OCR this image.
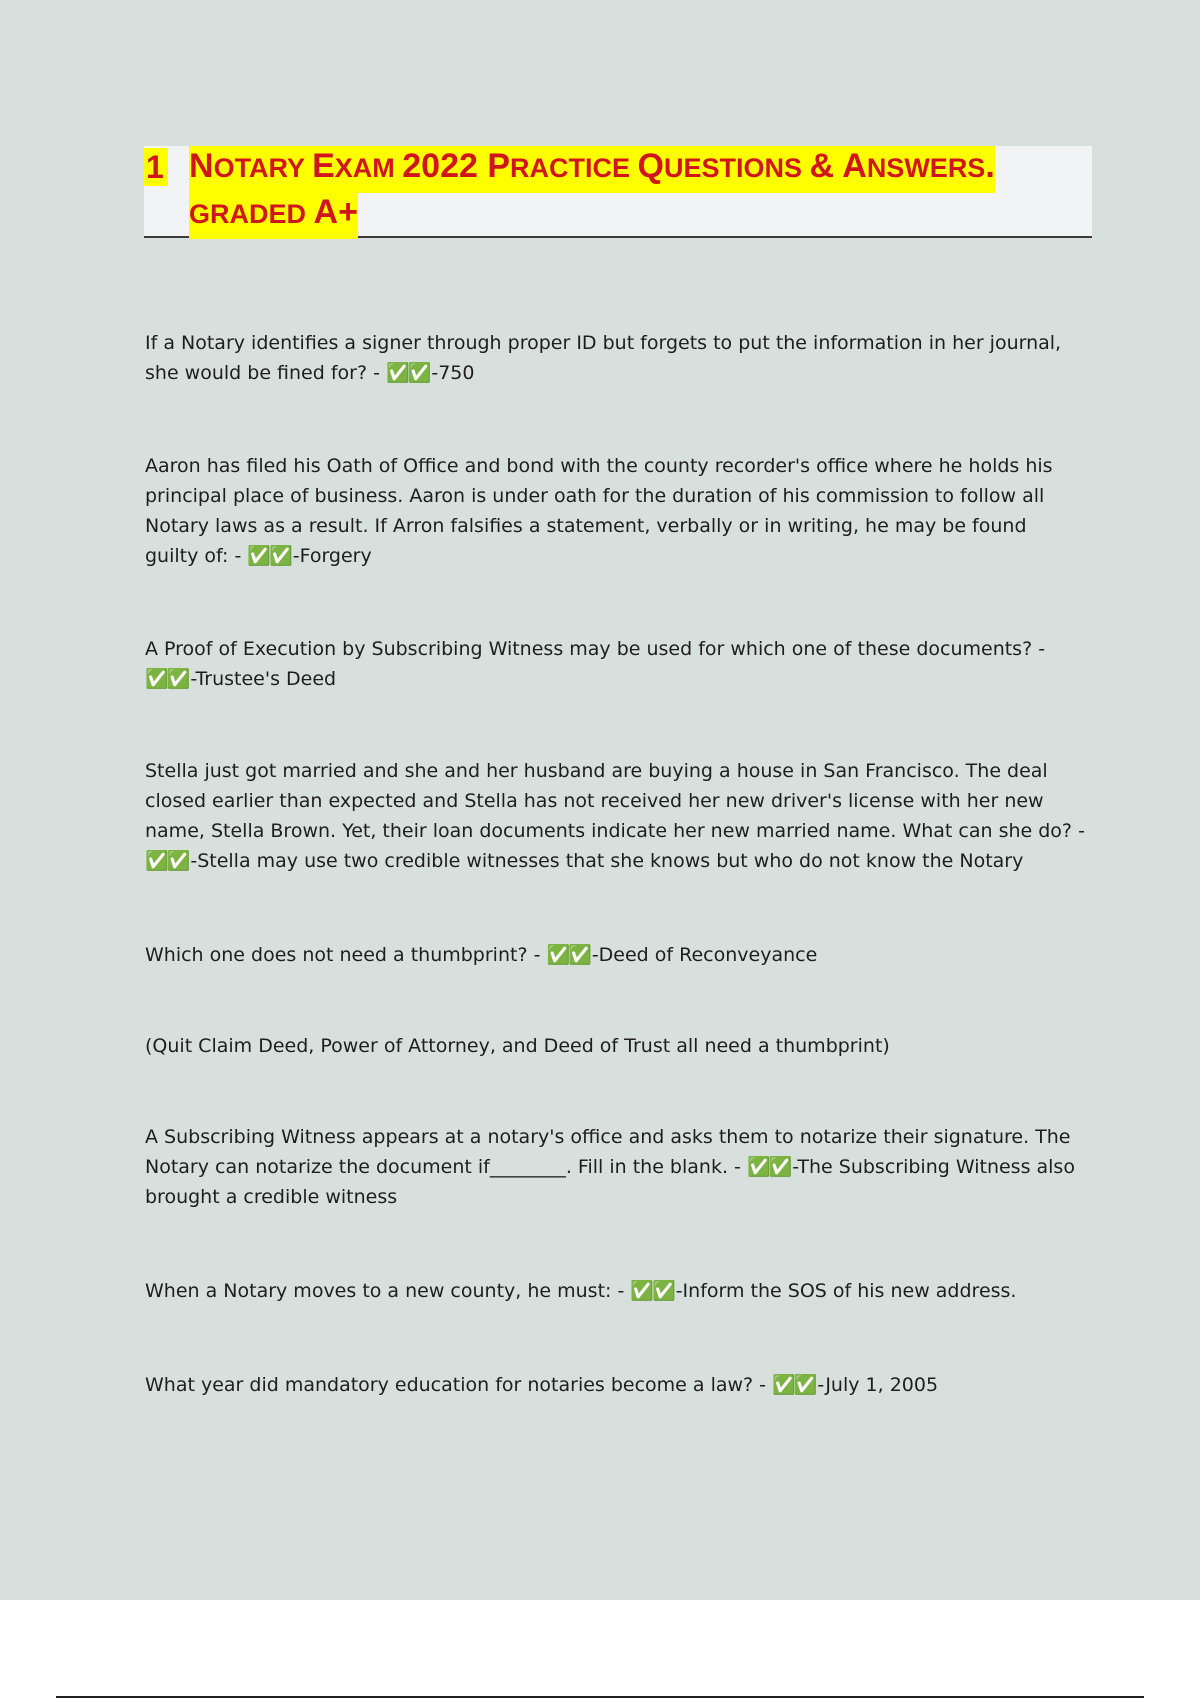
1 NOTARY EXAM 2022 PRACTICE QUESTIONS & ANSWERS.
GRADED A+

If a Notary identifies a signer through proper ID but forgets to put the information in her journal, she would be fined for? - ✅✅ -750

Aaron has filed his Oath of Office and bond with the county recorder's office where he holds his principal place of business. Aaron is under oath for the duration of his commission to follow all Notary laws as a result. If Arron falsifies a statement, verbally or in writing, he may be found guilty of: - ✅✅ -Forgery

A Proof of Execution by Subscribing Witness may be used for which one of these documents? - ✅✅ -Trustee's Deed

Stella just got married and she and her husband are buying a house in San Francisco. The deal closed earlier than expected and Stella has not received her new driver's license with her new name, Stella Brown. Yet, their loan documents indicate her new married name. What can she do? - ✅✅ -Stella may use two credible witnesses that she knows but who do not know the Notary

Which one does not need a thumbprint? - ✅✅ -Deed of Reconveyance

(Quit Claim Deed, Power of Attorney, and Deed of Trust all need a thumbprint)

A Subscribing Witness appears at a notary's office and asks them to notarize their signature. The Notary can notarize the document if________. Fill in the blank. - ✅✅ -The Subscribing Witness also brought a credible witness

When a Notary moves to a new county, he must: - ✅✅ -Inform the SOS of his new address.

What year did mandatory education for notaries become a law? - ✅✅ -July 1, 2005
